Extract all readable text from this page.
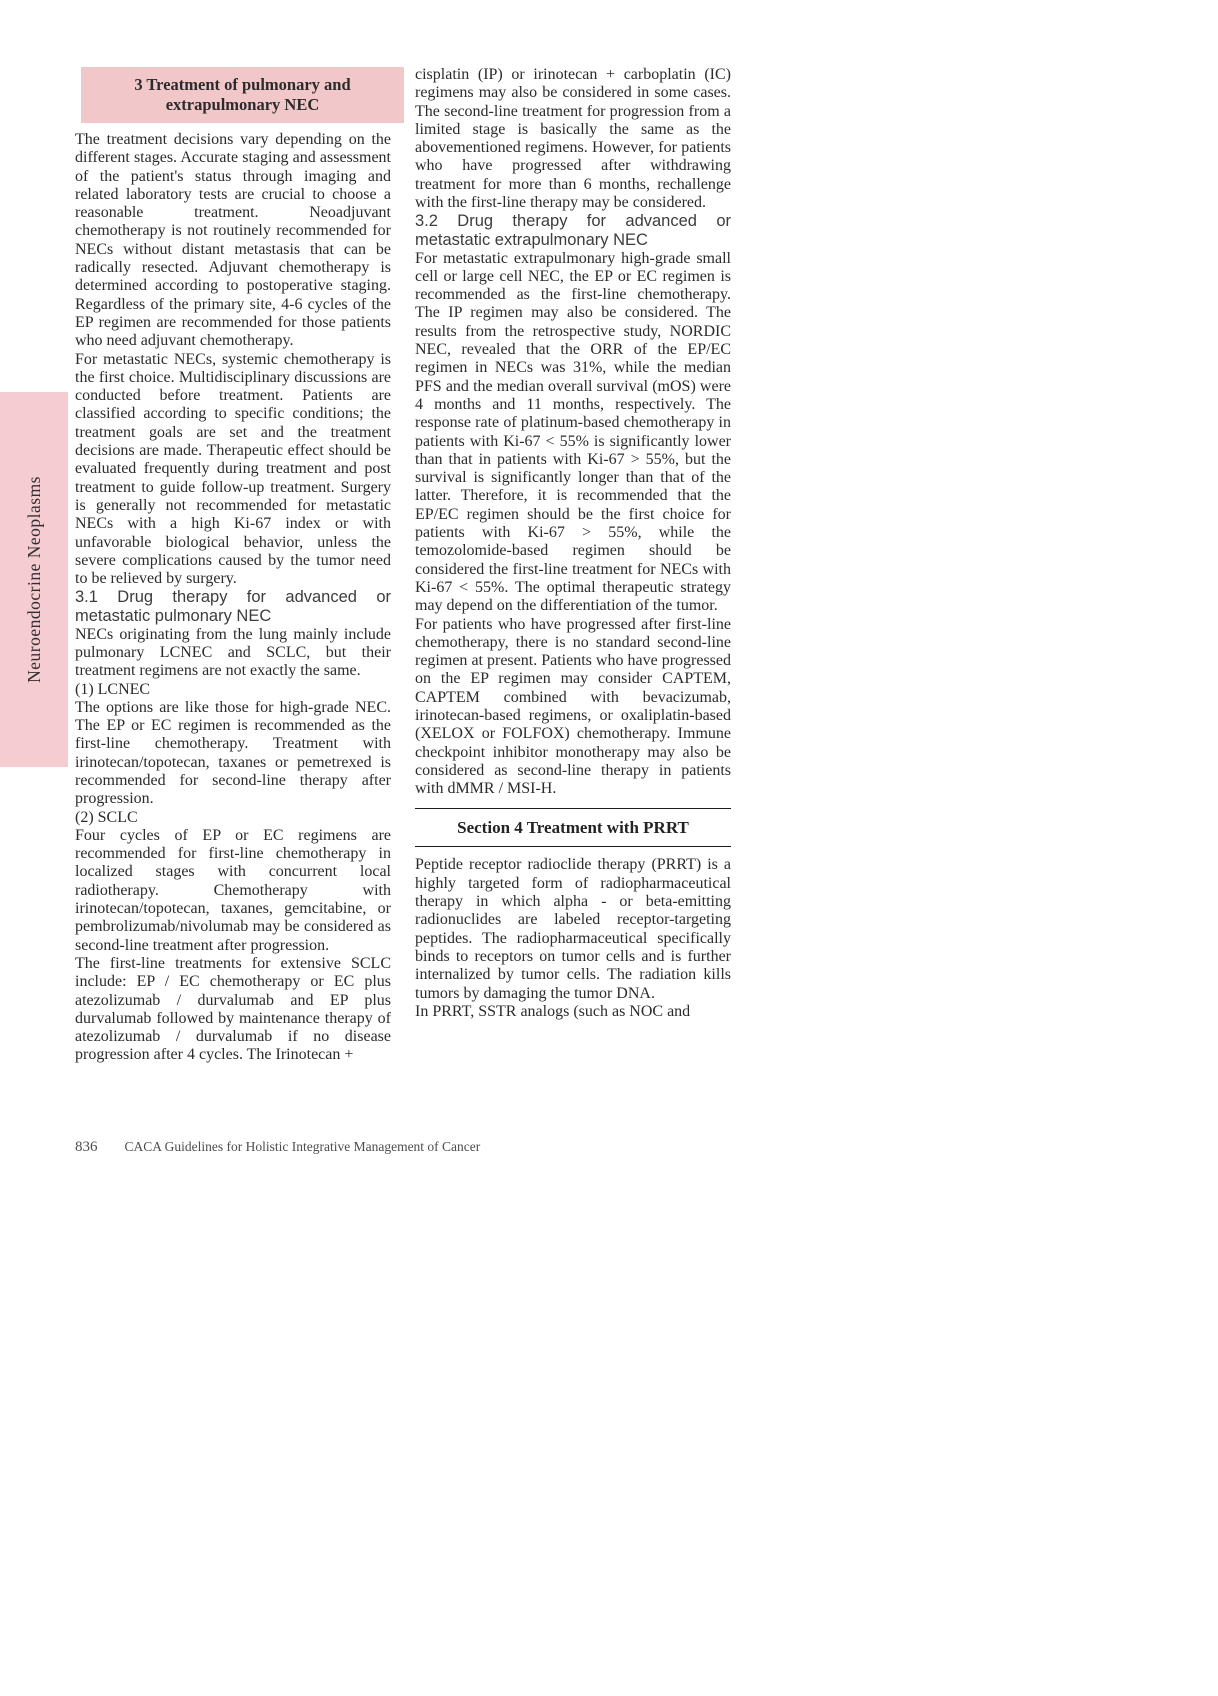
Neuroendocrine Neoplasms
3 Treatment of pulmonary and extrapulmonary NEC

The treatment decisions vary depending on the different stages. Accurate staging and assessment of the patient's status through imaging and related laboratory tests are crucial to choose a reasonable treatment. Neoadjuvant chemotherapy is not routinely recommended for NECs without distant metastasis that can be radically resected. Adjuvant chemotherapy is determined according to postoperative staging. Regardless of the primary site, 4-6 cycles of the EP regimen are recommended for those patients who need adjuvant chemotherapy.

For metastatic NECs, systemic chemotherapy is the first choice. Multidisciplinary discussions are conducted before treatment. Patients are classified according to specific conditions; the treatment goals are set and the treatment decisions are made. Therapeutic effect should be evaluated frequently during treatment and post treatment to guide follow-up treatment. Surgery is generally not recommended for metastatic NECs with a high Ki-67 index or with unfavorable biological behavior, unless the severe complications caused by the tumor need to be relieved by surgery.

3.1 Drug therapy for advanced or metastatic pulmonary NEC

NECs originating from the lung mainly include pulmonary LCNEC and SCLC, but their treatment regimens are not exactly the same.

(1) LCNEC

The options are like those for high-grade NEC. The EP or EC regimen is recommended as the first-line chemotherapy. Treatment with irinotecan/topotecan, taxanes or pemetrexed is recommended for second-line therapy after progression.

(2) SCLC

Four cycles of EP or EC regimens are recommended for first-line chemotherapy in localized stages with concurrent local radiotherapy. Chemotherapy with irinotecan/topotecan, taxanes, gemcitabine, or pembrolizumab/nivolumab may be considered as second-line treatment after progression.

The first-line treatments for extensive SCLC include: EP / EC chemotherapy or EC plus atezolizumab / durvalumab and EP plus durvalumab followed by maintenance therapy of atezolizumab / durvalumab if no disease progression after 4 cycles. The Irinotecan +

cisplatin (IP) or irinotecan + carboplatin (IC) regimens may also be considered in some cases. The second-line treatment for progression from a limited stage is basically the same as the abovementioned regimens. However, for patients who have progressed after withdrawing treatment for more than 6 months, rechallenge with the first-line therapy may be considered.

3.2 Drug therapy for advanced or metastatic extrapulmonary NEC

For metastatic extrapulmonary high-grade small cell or large cell NEC, the EP or EC regimen is recommended as the first-line chemotherapy. The IP regimen may also be considered. The results from the retrospective study, NORDIC NEC, revealed that the ORR of the EP/EC regimen in NECs was 31%, while the median PFS and the median overall survival (mOS) were 4 months and 11 months, respectively. The response rate of platinum-based chemotherapy in patients with Ki-67 < 55% is significantly lower than that in patients with Ki-67 > 55%, but the survival is significantly longer than that of the latter. Therefore, it is recommended that the EP/EC regimen should be the first choice for patients with Ki-67 > 55%, while the temozolomide-based regimen should be considered the first-line treatment for NECs with Ki-67 < 55%. The optimal therapeutic strategy may depend on the differentiation of the tumor.

For patients who have progressed after first-line chemotherapy, there is no standard second-line regimen at present. Patients who have progressed on the EP regimen may consider CAPTEM, CAPTEM combined with bevacizumab, irinotecan-based regimens, or oxaliplatin-based (XELOX or FOLFOX) chemotherapy. Immune checkpoint inhibitor monotherapy may also be considered as second-line therapy in patients with dMMR / MSI-H.

Section 4 Treatment with PRRT

Peptide receptor radioclide therapy (PRRT) is a highly targeted form of radiopharmaceutical therapy in which alpha - or beta-emitting radionuclides are labeled receptor-targeting peptides. The radiopharmaceutical specifically binds to receptors on tumor cells and is further internalized by tumor cells. The radiation kills tumors by damaging the tumor DNA.

In PRRT, SSTR analogs (such as NOC and

836 CACA Guidelines for Holistic Integrative Management of Cancer
